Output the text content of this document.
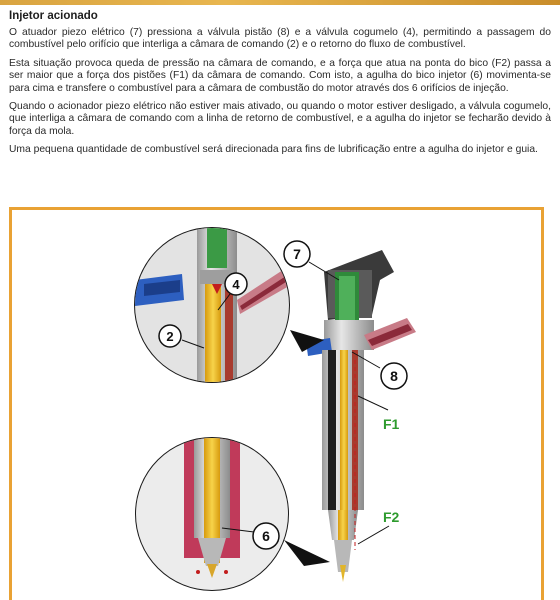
Injetor acionado

O atuador piezo elétrico (7) pressiona a válvula pistão (8) e a válvula cogumelo (4), permitindo a passagem do combustível pelo orifício que interliga a câmara de comando (2) e o retorno do fluxo de combustível.

Esta situação provoca queda de pressão na câmara de comando, e a força que atua na ponta do bico (F2) passa a ser maior que a força dos pistões (F1) da câmara de comando. Com isto, a agulha do bico injetor (6) movimenta-se para cima e transfere o combustível para a câmara de combustão do motor através dos 6 orifícios de injeção.

Quando o acionador piezo elétrico não estiver mais ativado, ou quando o motor estiver desligado, a válvula cogumelo, que interliga a câmara de comando com a linha de retorno de combustível, e a agulha do injetor se fecharão devido à força da mola.

Uma pequena quantidade de combustível será direcionada para fins de lubrificação entre a agulha do injetor e guia.

7
4
2
8
6
F1
F2
